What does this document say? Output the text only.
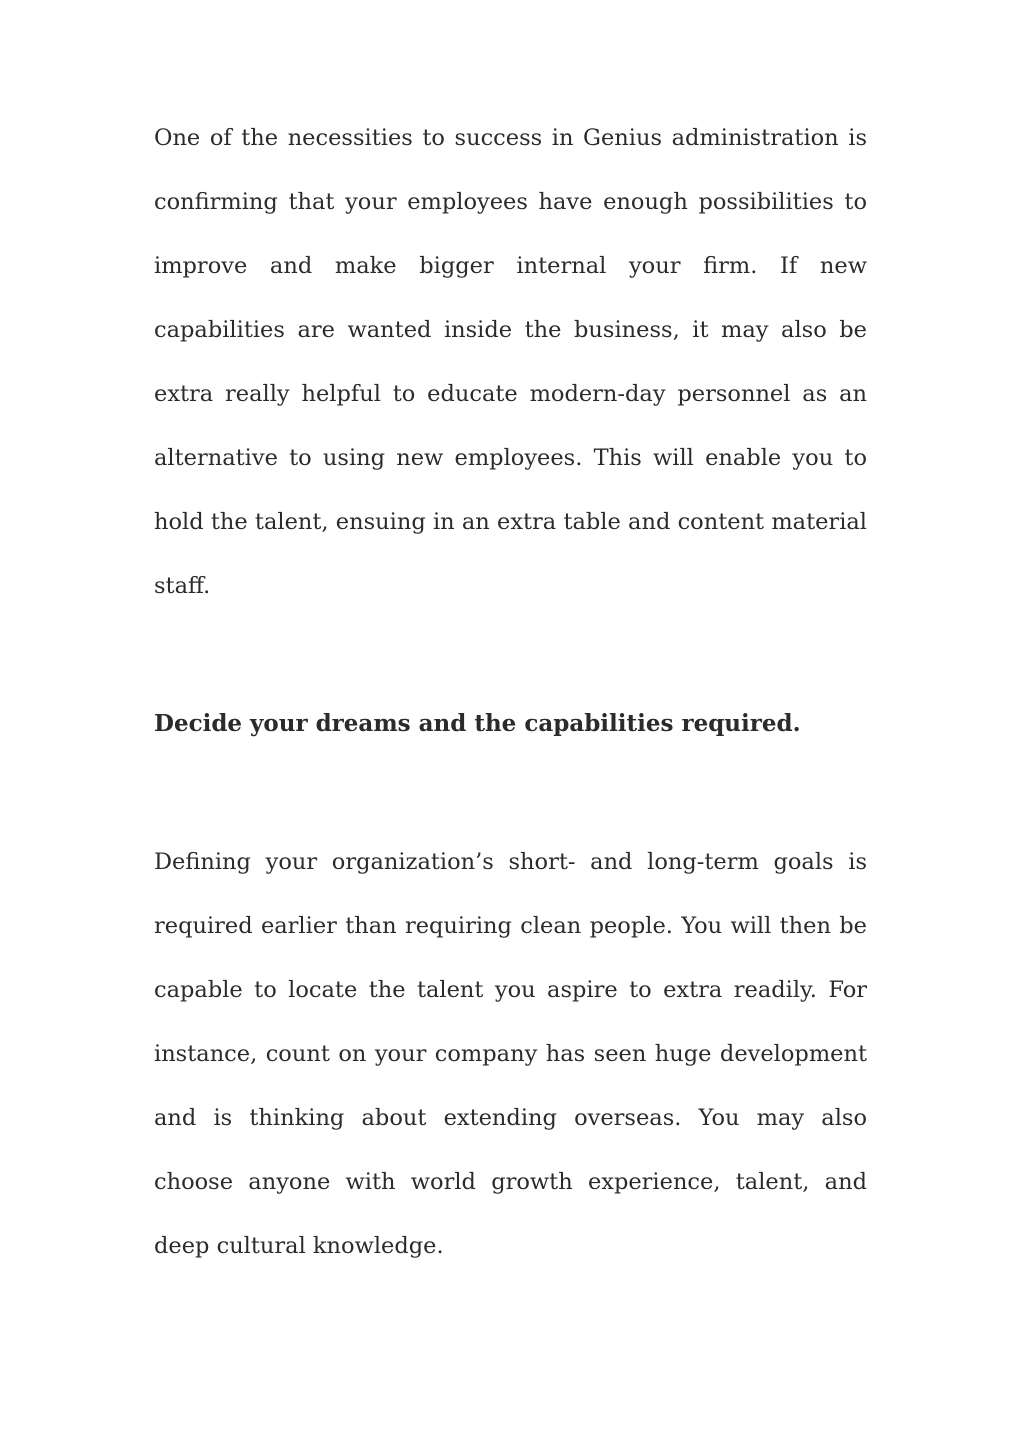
One of the necessities to success in Genius administration is confirming that your employees have enough possibilities to improve and make bigger internal your firm. If new capabilities are wanted inside the business, it may also be extra really helpful to educate modern-day personnel as an alternative to using new employees. This will enable you to hold the talent, ensuing in an extra table and content material staff.

Decide your dreams and the capabilities required.

Defining your organization’s short- and long-term goals is required earlier than requiring clean people. You will then be capable to locate the talent you aspire to extra readily. For instance, count on your company has seen huge development and is thinking about extending overseas. You may also choose anyone with world growth experience, talent, and deep cultural knowledge.
